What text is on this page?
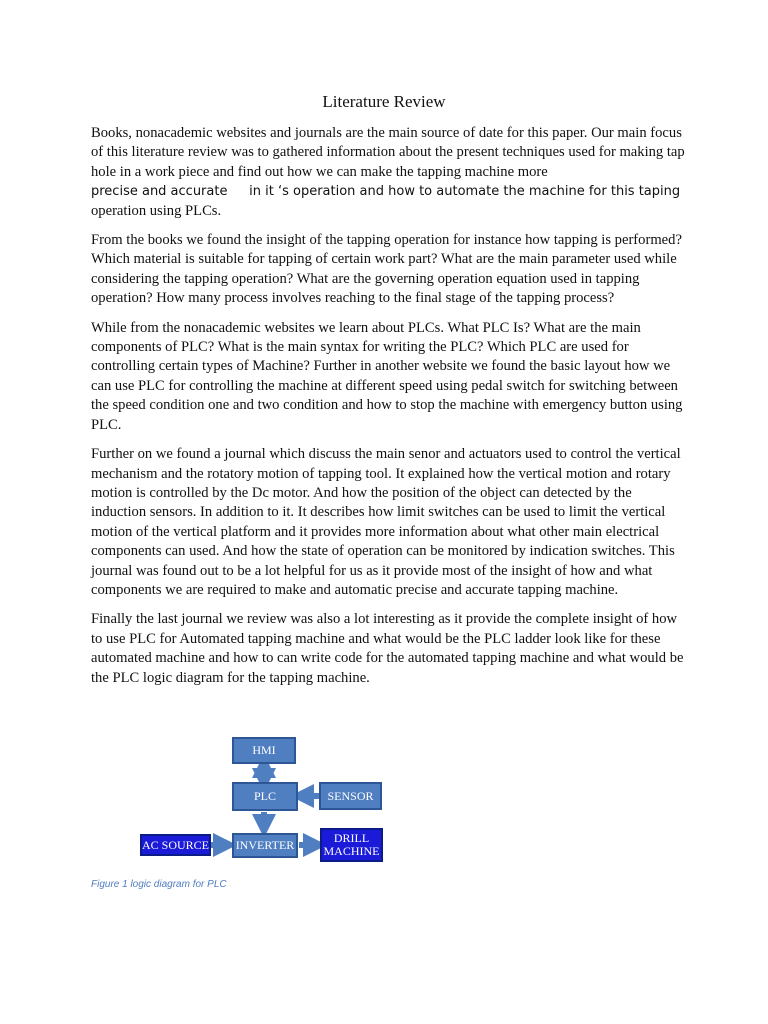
Literature Review

Books, nonacademic websites and journals are the main source of date for this paper. Our main focus of this literature review was to gathered information about the present techniques used for making tap hole in a work piece and find out how we can make the tapping machine more

precise and accurate in it ‘s operation and how to automate the machine for this taping

operation using PLCs.

From the books we found the insight of the tapping operation for instance how tapping is performed? Which material is suitable for tapping of certain work part? What are the main parameter used while considering the tapping operation? What are the governing operation equation used in tapping operation? How many process involves reaching to the final stage of the tapping process?

While from the nonacademic websites we learn about PLCs. What PLC Is? What are the main components of PLC? What is the main syntax for writing the PLC? Which PLC are used for controlling certain types of Machine? Further in another website we found the basic layout how we can use PLC for controlling the machine at different speed using pedal switch for switching between the speed condition one and two condition and how to stop the machine with emergency button using PLC.

Further on we found a journal which discuss the main senor and actuators used to control the vertical mechanism and the rotatory motion of tapping tool. It explained how the vertical motion and rotary motion is controlled by the Dc motor. And how the position of the object can detected by the induction sensors. In addition to it. It describes how limit switches can be used to limit the vertical motion of the vertical platform and it provides more information about what other main electrical components can used. And how the state of operation can be monitored by indication switches. This journal was found out to be a lot helpful for us as it provide most of the insight of how and what components we are required to make and automatic precise and accurate tapping machine.

Finally the last journal we review was also a lot interesting as it provide the complete insight of how to use PLC for Automated tapping machine and what would be the PLC ladder look like for these automated machine and how to can write code for the automated tapping machine and what would be the PLC logic diagram for the tapping machine.

HMI
PLC	SENSOR
AC SOURCE	INVERTER	DRILL
MACHINE
Figure 1 logic diagram for PLC
